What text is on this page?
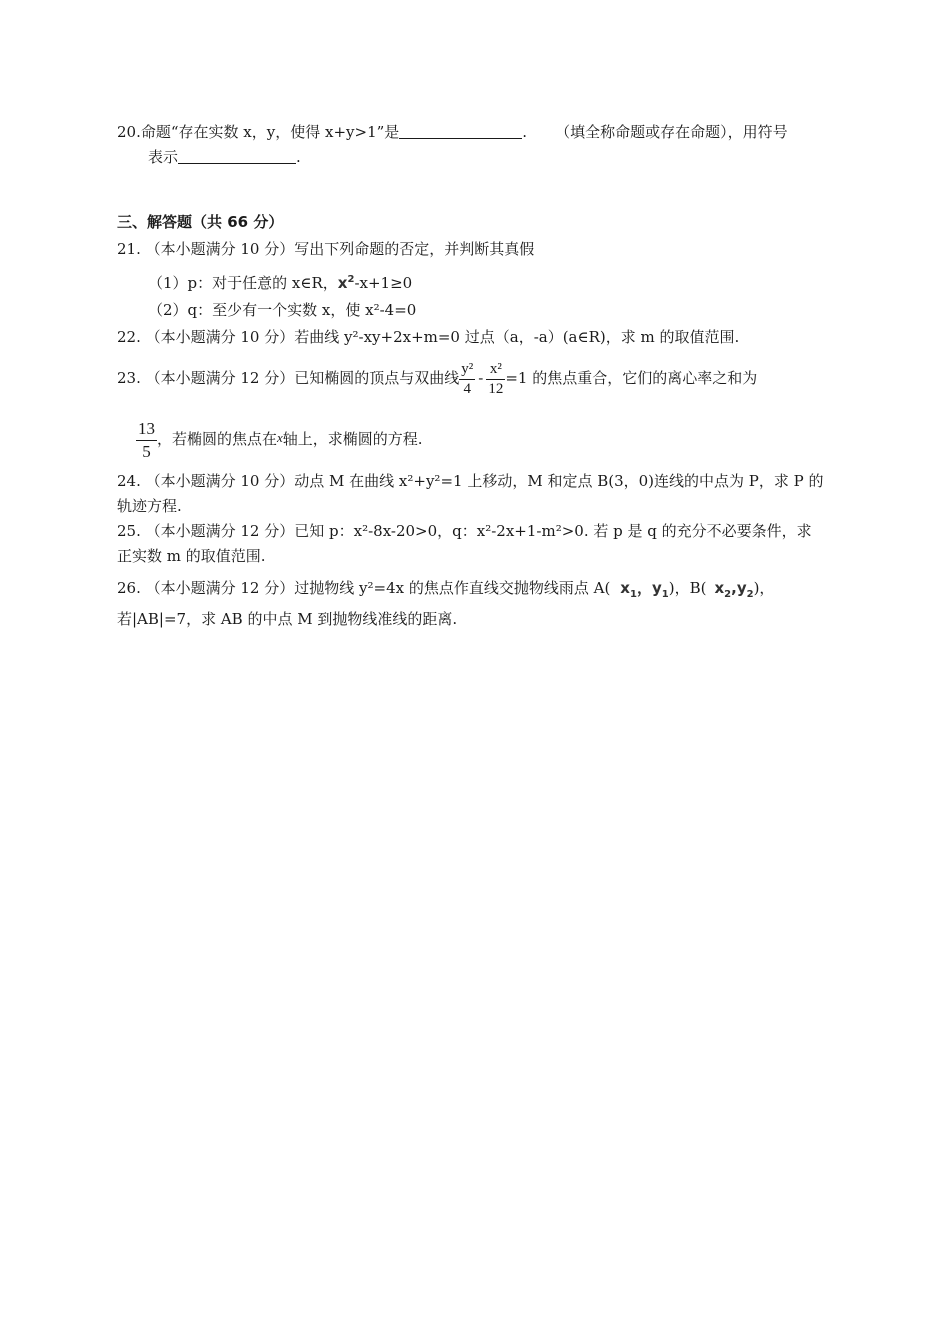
20.命题“存在实数 x，y，使得 x+y>1”是	. （填全称命题或存在命题），用符号
表示	.
三、解答题（共 66 分）
21. （本小题满分 10 分）写出下列命题的否定，并判断其真假
（1）p：对于任意的 x∈R，$x^2-x+1\ge 0$
（2）q：至少有一个实数 x，使 x²-4=0
22. （本小题满分 10 分）若曲线 y²-xy+2x+m=0 过点（a，-a）(a∈R)，求 m 的取值范围.
23. （本小题满分 12 分）已知椭圆的顶点与双曲线 $\frac{\text{y²}}{4} - \frac{\text{x²}}{12} =1$ 的焦点重合，它们的离心率之和为
$\frac{13}{5}$ ，若椭圆的焦点在x轴上，求椭圆的方程.
24. （本小题满分 10 分）动点 M 在曲线 x²+y²=1 上移动，M 和定点 B(3，0)连线的中点为 P，求 P 的
轨迹方程.
25. （本小题满分 12 分）已知 p：x²-8x-20>0，q：x²-2x+1-m²>0. 若 p 是 q 的充分不必要条件，求
正实数 m 的取值范围.
26. （本小题满分 12 分）过抛物线 y²=4x 的焦点作直线交抛物线雨点 A( $x_1$，$y_1$)，B( $x_2,y_2$)，
若|AB|=7，求 AB 的中点 M 到抛物线准线的距离.
